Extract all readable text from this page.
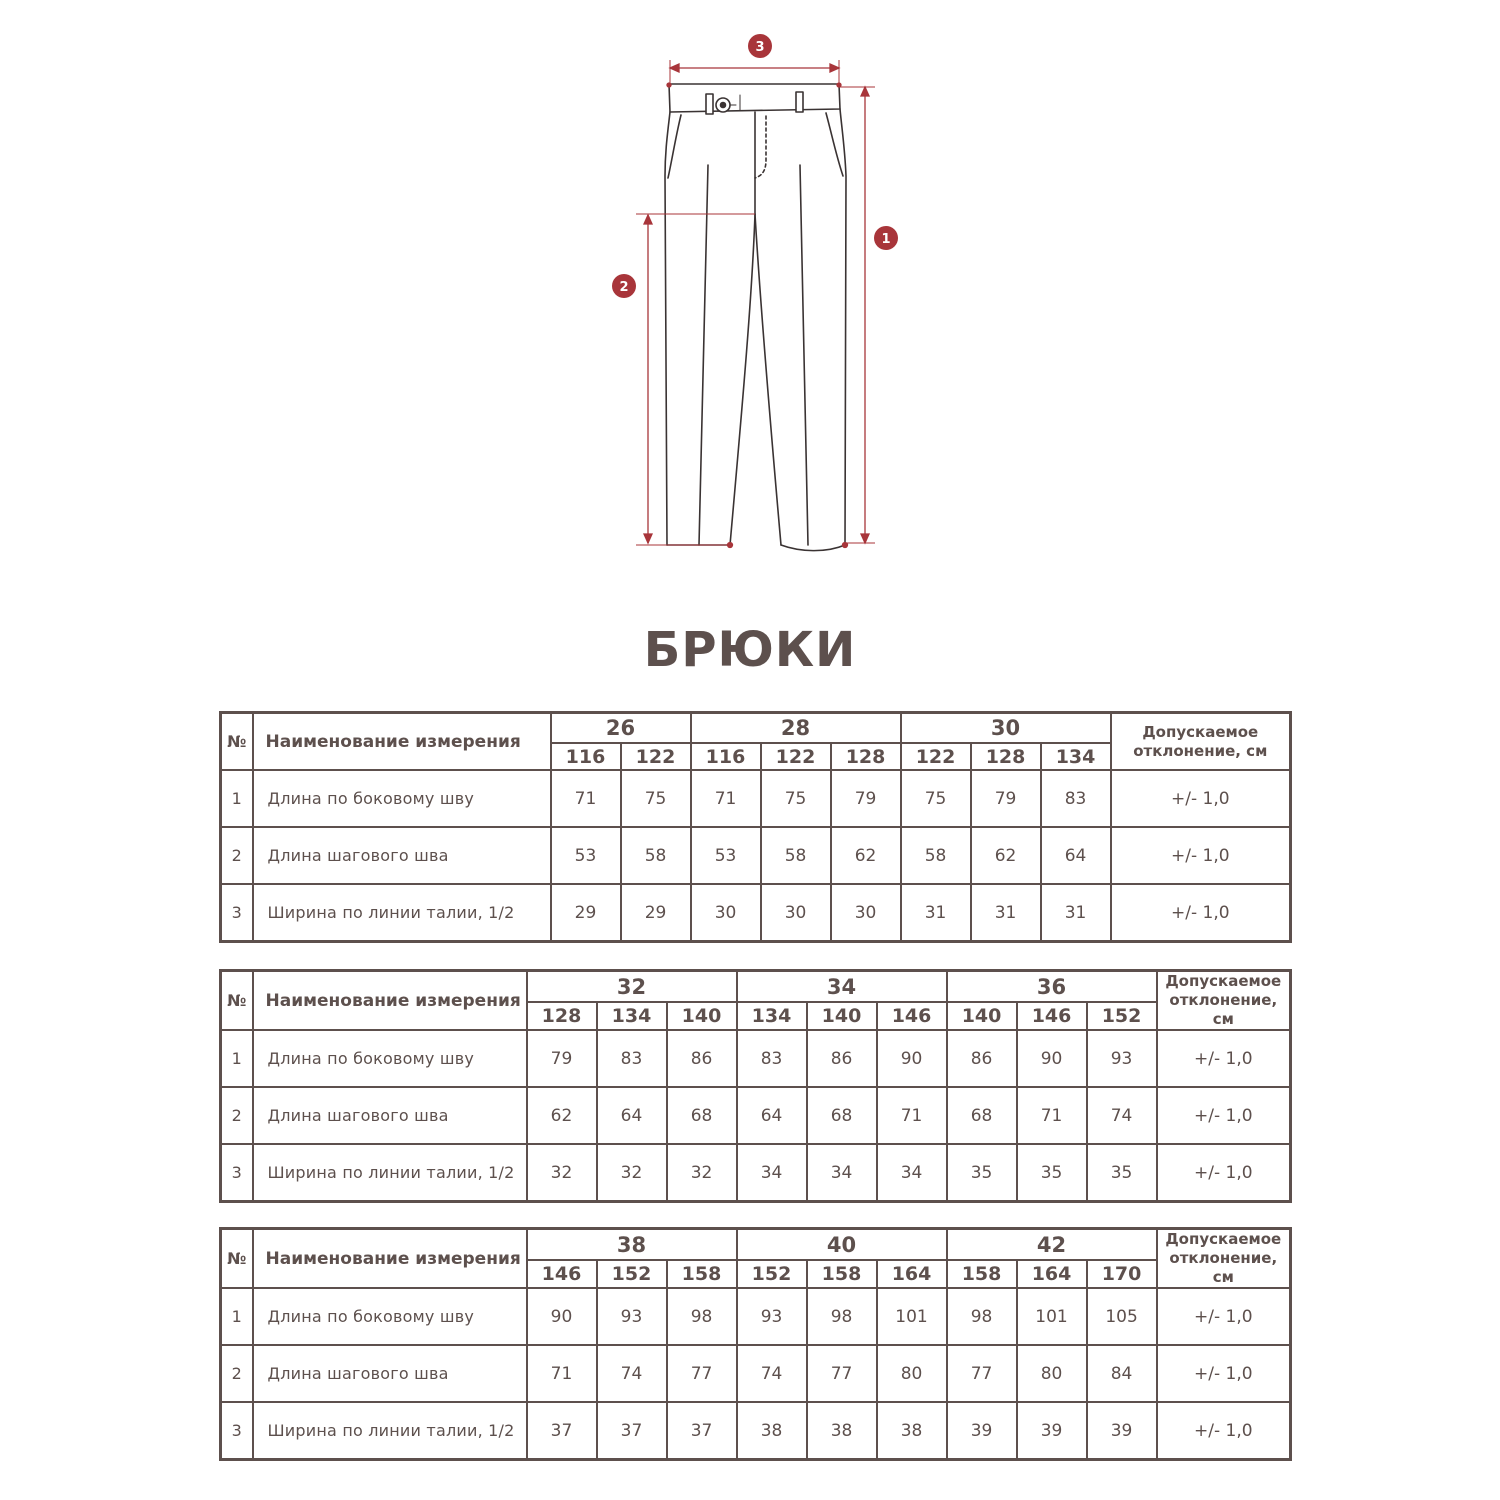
3
1
2
БРЮКИ
№	Наименование измерения	26		28			30			Допускаемое
отклонение, см

		116	122	116	122	128	122	128	134	
1	Длина по боковому шву	71	75	71	75	79	75	79	83	+/- 1,0
2	Длина шагового шва	53	58	53	58	62	58	62	64	+/- 1,0
3	Ширина по линии талии, 1/2	29	29	30	30	30	31	31	31	+/- 1,0
№	Наименование измерения	32			34			36			Допускаемое
отклонение, см

		128	134	140	134	140	146	140	146	152	
1	Длина по боковому шву	79	83	86	83	86	90	86	90	93	+/- 1,0
2	Длина шагового шва	62	64	68	64	68	71	68	71	74	+/- 1,0
3	Ширина по линии талии, 1/2	32	32	32	34	34	34	35	35	35	+/- 1,0
№	Наименование измерения	38			40			42			Допускаемое
отклонение, см

		146	152	158	152	158	164	158	164	170	
1	Длина по боковому шву	90	93	98	93	98	101	98	101	105	+/- 1,0
2	Длина шагового шва	71	74	77	74	77	80	77	80	84	+/- 1,0
3	Ширина по линии талии, 1/2	37	37	37	38	38	38	39	39	39	+/- 1,0
